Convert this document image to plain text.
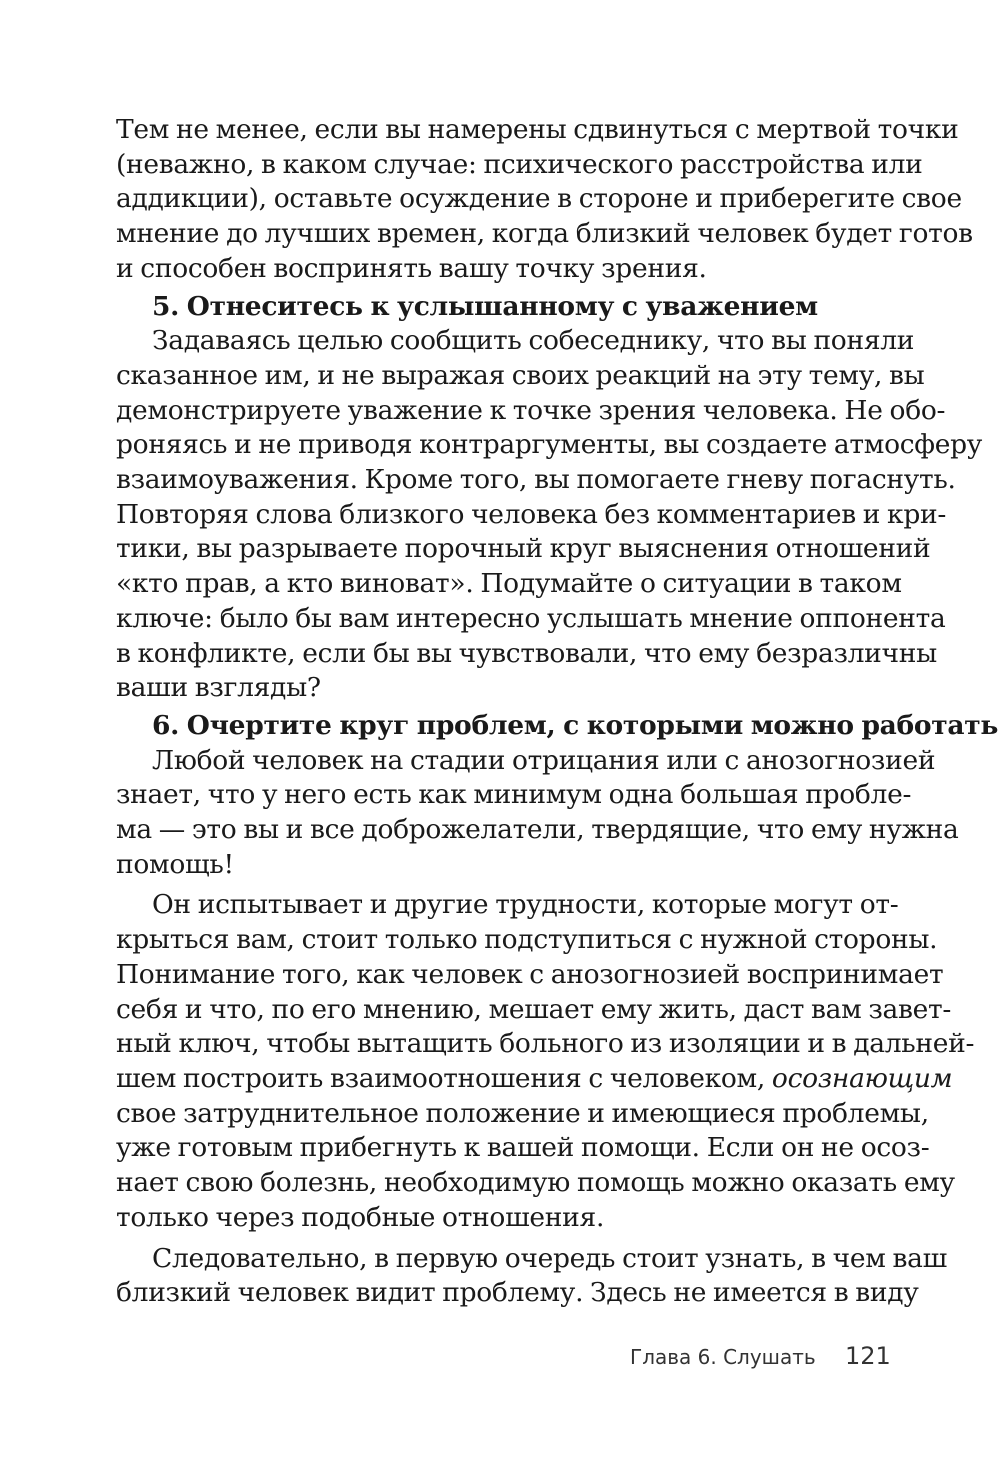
Тем не менее, если вы намерены сдвинуться с мертвой точки
(неважно, в каком случае: психического расстройства или
аддикции), оставьте осуждение в стороне и приберегите свое
мнение до лучших времен, когда близкий человек будет готов
и способен воспринять вашу точку зрения.
5. Отнеситесь к услышанному с уважением
Задаваясь целью сообщить собеседнику, что вы поняли
сказанное им, и не выражая своих реакций на эту тему, вы
демонстрируете уважение к точке зрения человека. Не обо-
роняясь и не приводя контраргументы, вы создаете атмосферу
взаимоуважения. Кроме того, вы помогаете гневу погаснуть.
Повторяя слова близкого человека без комментариев и кри-
тики, вы разрываете порочный круг выяснения отношений
«кто прав, а кто виноват». Подумайте о ситуации в таком
ключе: было бы вам интересно услышать мнение оппонента
в конфликте, если бы вы чувствовали, что ему безразличны
ваши взгляды?
6. Очертите круг проблем, с которыми можно работать
Любой человек на стадии отрицания или с анозогнозией
знает, что у него есть как минимум одна большая пробле-
ма — это вы и все доброжелатели, твердящие, что ему нужна
помощь!
Он испытывает и другие трудности, которые могут от-
крыться вам, стоит только подступиться с нужной стороны.
Понимание того, как человек с анозогнозией воспринимает
себя и что, по его мнению, мешает ему жить, даст вам завет-
ный ключ, чтобы вытащить больного из изоляции и в дальней-
шем построить взаимоотношения с человеком, осознающим
свое затруднительное положение и имеющиеся проблемы,
уже готовым прибегнуть к вашей помощи. Если он не осоз-
нает свою болезнь, необходимую помощь можно оказать ему
только через подобные отношения.
Следовательно, в первую очередь стоит узнать, в чем ваш
близкий человек видит проблему. Здесь не имеется в виду
Глава 6. Слушать 121
